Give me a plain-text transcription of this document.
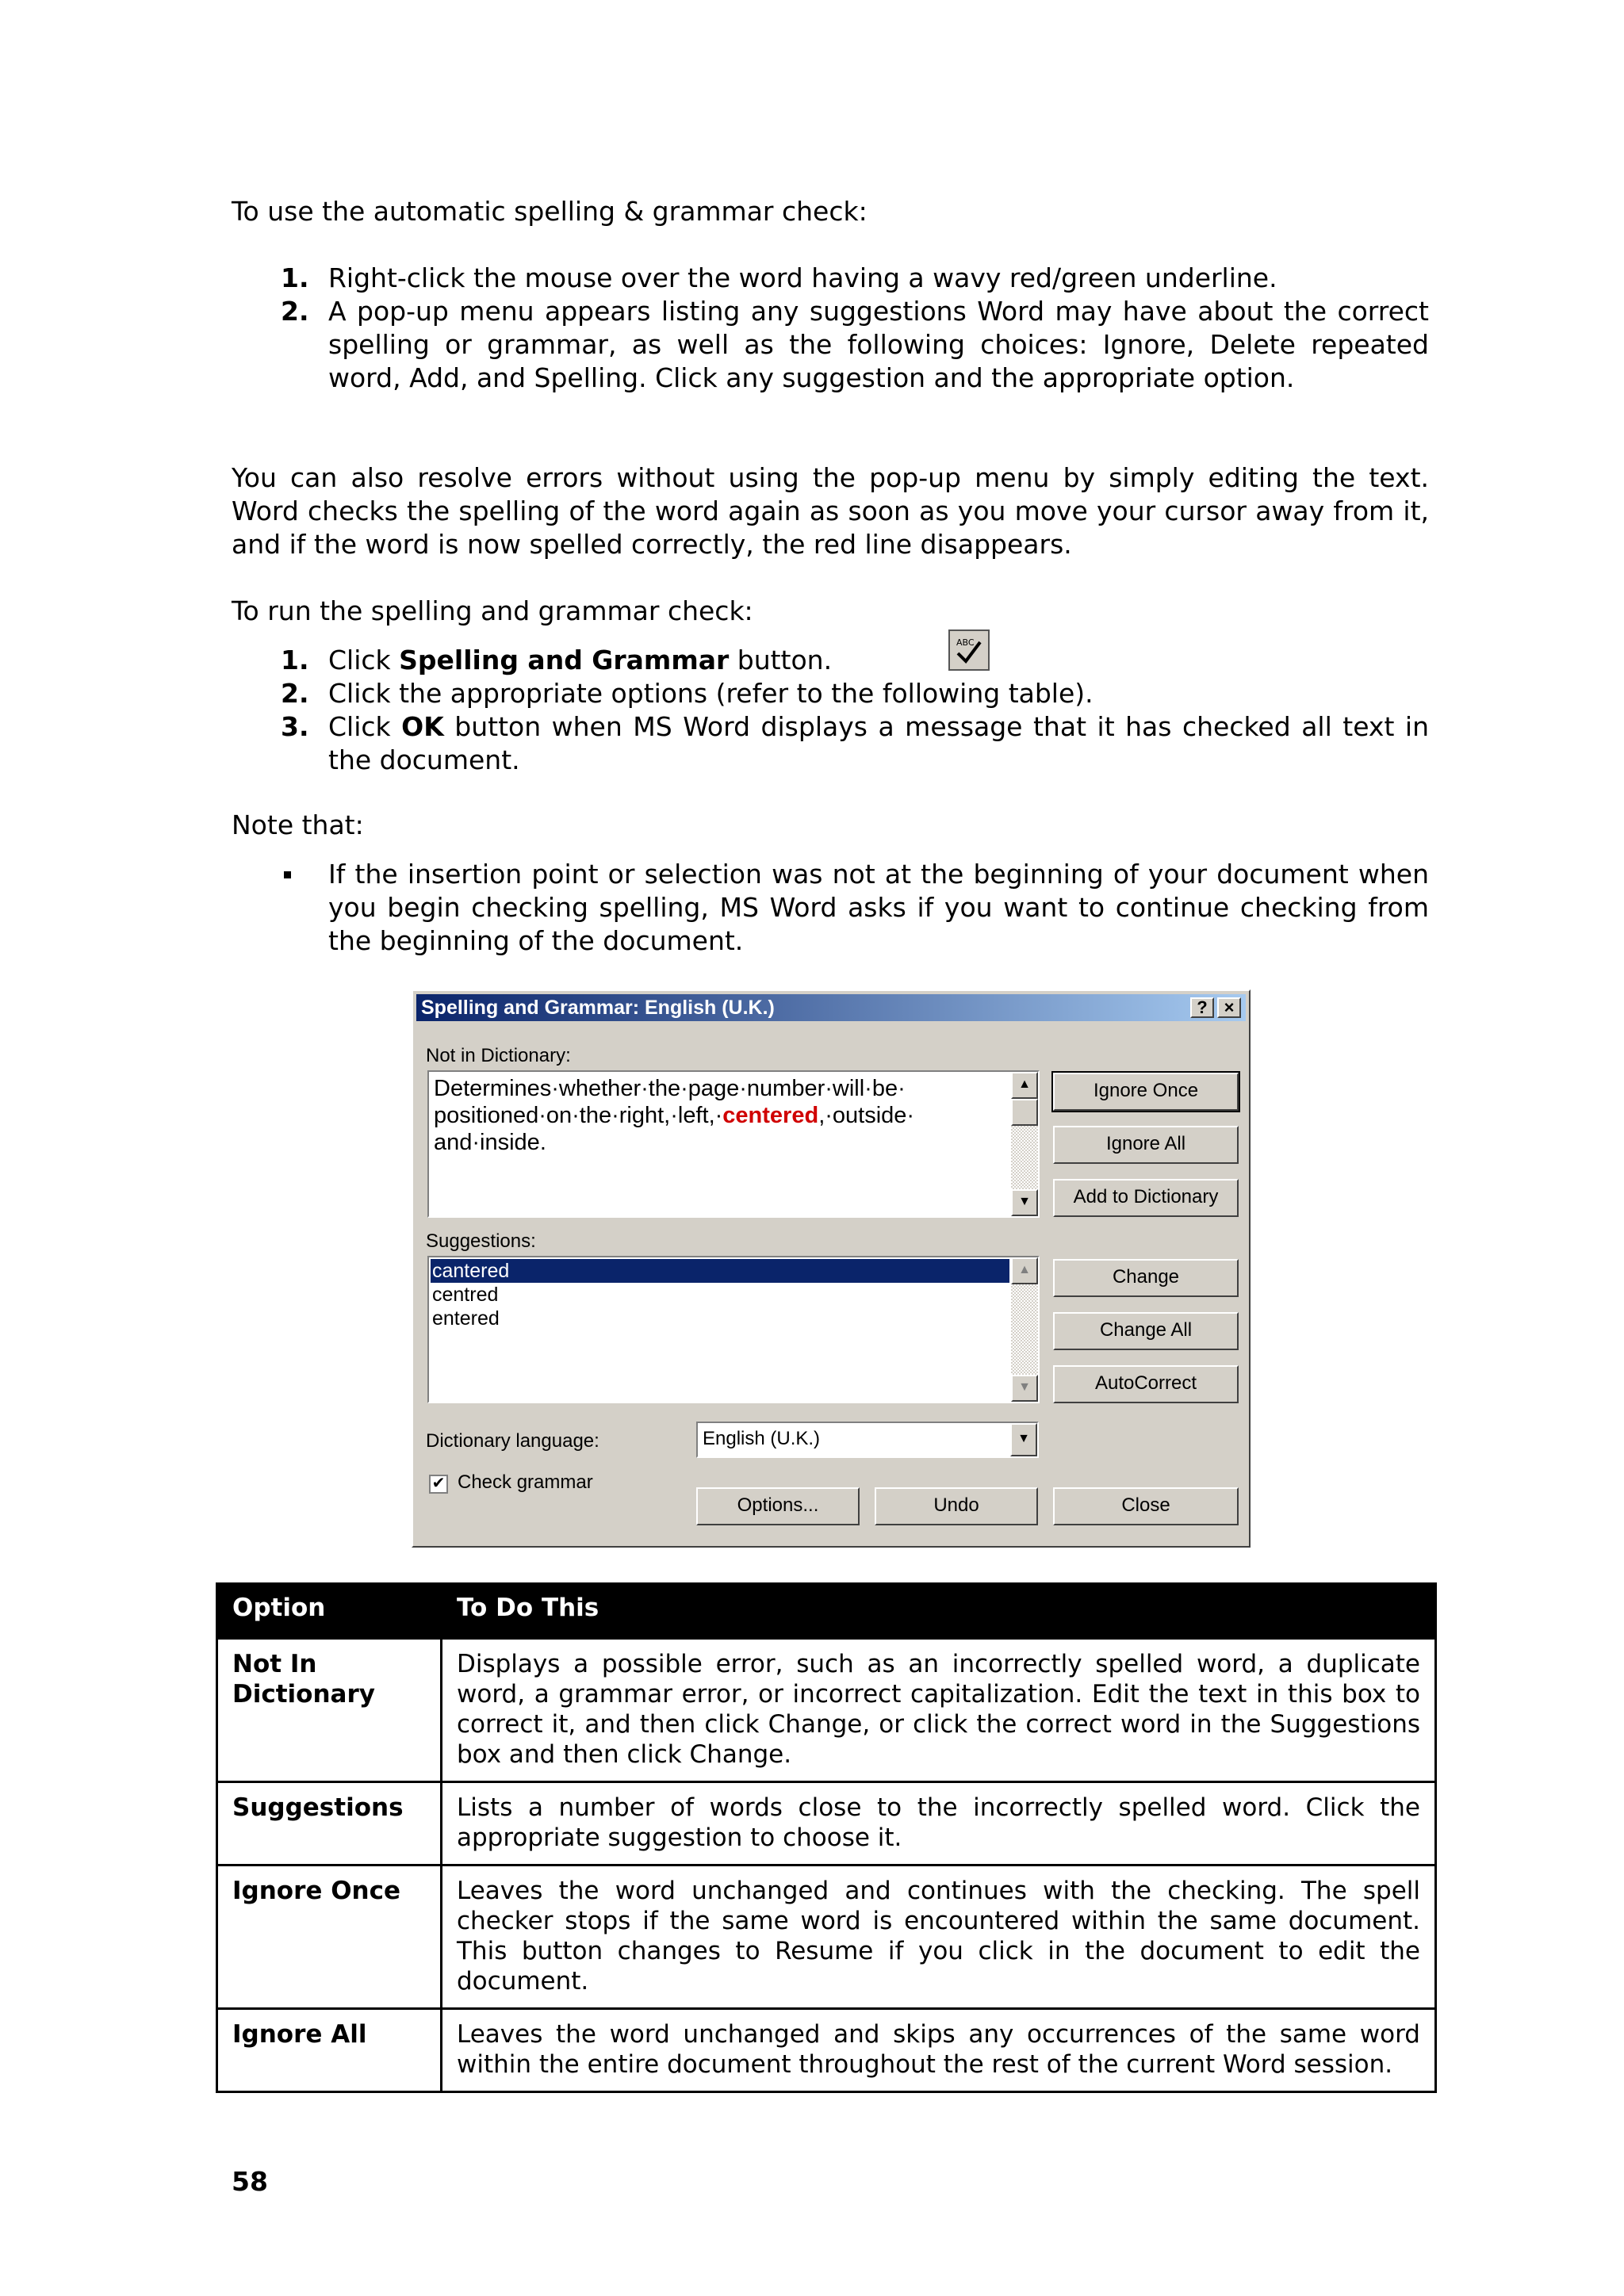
To use the automatic spelling & grammar check:

1. Right-click the mouse over the word having a wavy red/green underline.
2. A pop-up menu appears listing any suggestions Word may have about the correct spelling or grammar, as well as the following choices: Ignore, Delete repeated word, Add, and Spelling. Click any suggestion and the appropriate option.

You can also resolve errors without using the pop-up menu by simply editing the text. Word checks the spelling of the word again as soon as you move your cursor away from it, and if the word is now spelled correctly, the red line disappears.

To run the spelling and grammar check:

1. Click Spelling and Grammar button.
2. Click the appropriate options (refer to the following table).
3. Click OK button when MS Word displays a message that it has checked all text in the document.
ABC

Note that:

If the insertion point or selection was not at the beginning of your document when you begin checking spelling, MS Word asks if you want to continue checking from the beginning of the document.
Spelling and Grammar: English (U.K.)	? ×
Not in Dictionary:
Determines·whether·the·page·number·will·be· positioned·on·the·right,·left,·centered,·outside· and·inside.
▲
▼
Suggestions:
cantered
centred
entered
▲
▼
Ignore Once
Ignore All
Add to Dictionary
Change
Change All
AutoCorrect
Dictionary language:	English (U.K.)	▼
✔ Check grammar
Options...	Undo	Close
Option	To Do This
Not In Dictionary	Displays a possible error, such as an incorrectly spelled word, a duplicate word, a grammar error, or incorrect capitalization. Edit the text in this box to correct it, and then click Change, or click the correct word in the Suggestions box and then click Change.
Suggestions	Lists a number of words close to the incorrectly spelled word. Click the appropriate suggestion to choose it.
Ignore Once	Leaves the word unchanged and continues with the checking. The spell checker stops if the same word is encountered within the same document. This button changes to Resume if you click in the document to edit the document.
Ignore All	Leaves the word unchanged and skips any occurrences of the same word within the entire document throughout the rest of the current Word session.
58
